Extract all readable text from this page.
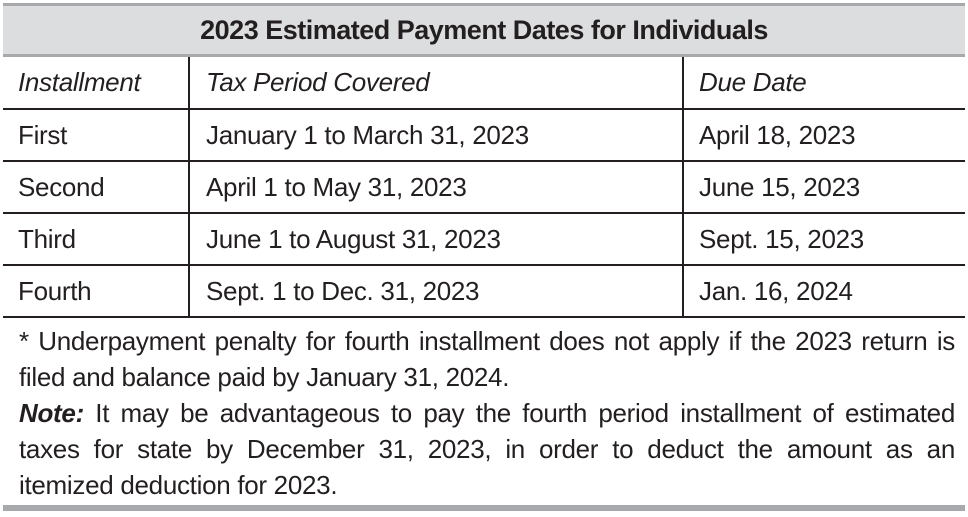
2023 Estimated Payment Dates for Individuals
Installment	Tax Period Covered	Due Date
First	January 1 to March 31, 2023	April 18, 2023
Second	April 1 to May 31, 2023	June 15, 2023
Third	June 1 to August 31, 2023	Sept. 15, 2023
Fourth	Sept. 1 to Dec. 31, 2023	Jan. 16, 2024

* Underpayment penalty for fourth installment does not apply if the 2023 return is filed and balance paid by January 31, 2024.

Note: It may be advantageous to pay the fourth period installment of estimated taxes for state by December 31, 2023, in order to deduct the amount as an itemized deduction for 2023.
